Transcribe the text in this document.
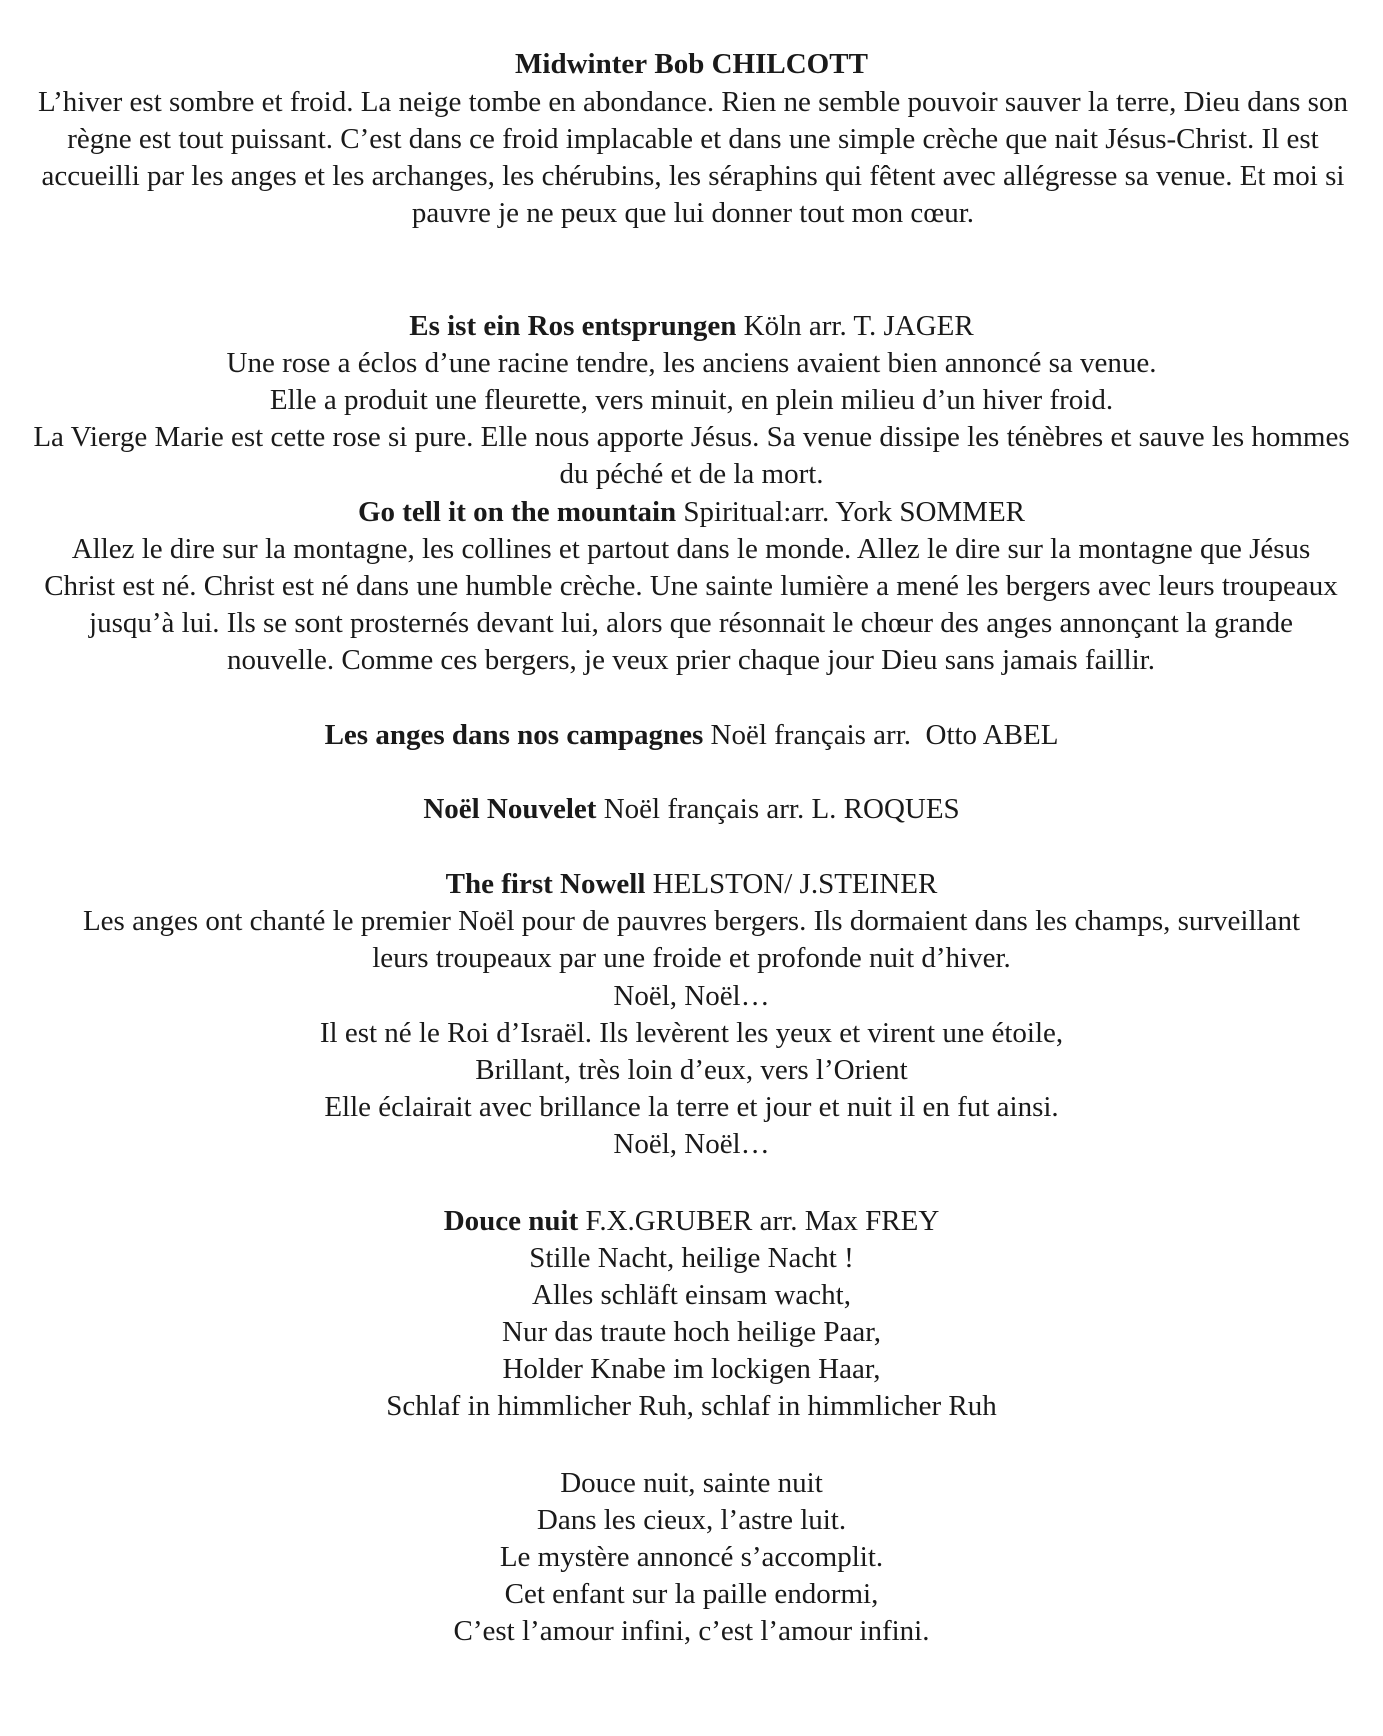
Midwinter Bob CHILCOTT
L’hiver est sombre et froid. La neige tombe en abondance. Rien ne semble pouvoir sauver la terre, Dieu dans son règne est tout puissant. C’est dans ce froid implacable et dans une simple crèche que nait Jésus-Christ. Il est accueilli par les anges et les archanges, les chérubins, les séraphins qui fêtent avec allégresse sa venue. Et moi si pauvre je ne peux que lui donner tout mon cœur.
Es ist ein Ros entsprungen Köln arr. T. JAGER
Une rose a éclos d’une racine tendre, les anciens avaient bien annoncé sa venue.
Elle a produit une fleurette, vers minuit, en plein milieu d’un hiver froid.
La Vierge Marie est cette rose si pure. Elle nous apporte Jésus. Sa venue dissipe les ténèbres et sauve les hommes du péché et de la mort.
Go tell it on the mountain Spiritual:arr. York SOMMER
Allez le dire sur la montagne, les collines et partout dans le monde. Allez le dire sur la montagne que Jésus Christ est né. Christ est né dans une humble crèche. Une sainte lumière a mené les bergers avec leurs troupeaux jusqu’à lui. Ils se sont prosternés devant lui, alors que résonnait le chœur des anges annonçant la grande nouvelle. Comme ces bergers, je veux prier chaque jour Dieu sans jamais faillir.
Les anges dans nos campagnes Noël français arr.  Otto ABEL
Noël Nouvelet Noël français arr. L. ROQUES
The first Nowell HELSTON/ J.STEINER
Les anges ont chanté le premier Noël pour de pauvres bergers. Ils dormaient dans les champs, surveillant leurs troupeaux par une froide et profonde nuit d’hiver.
Noël, Noël…
Il est né le Roi d’Israël. Ils levèrent les yeux et virent une étoile,
Brillant, très loin d’eux, vers l’Orient
Elle éclairait avec brillance la terre et jour et nuit il en fut ainsi.
Noël, Noël…
Douce nuit F.X.GRUBER arr. Max FREY
Stille Nacht, heilige Nacht !
Alles schläft einsam wacht,
Nur das traute hoch heilige Paar,
Holder Knabe im lockigen Haar,
Schlaf in himmlicher Ruh, schlaf in himmlicher Ruh
Douce nuit, sainte nuit
Dans les cieux, l’astre luit.
Le mystère annoncé s’accomplit.
Cet enfant sur la paille endormi,
C’est l’amour infini, c’est l’amour infini.
